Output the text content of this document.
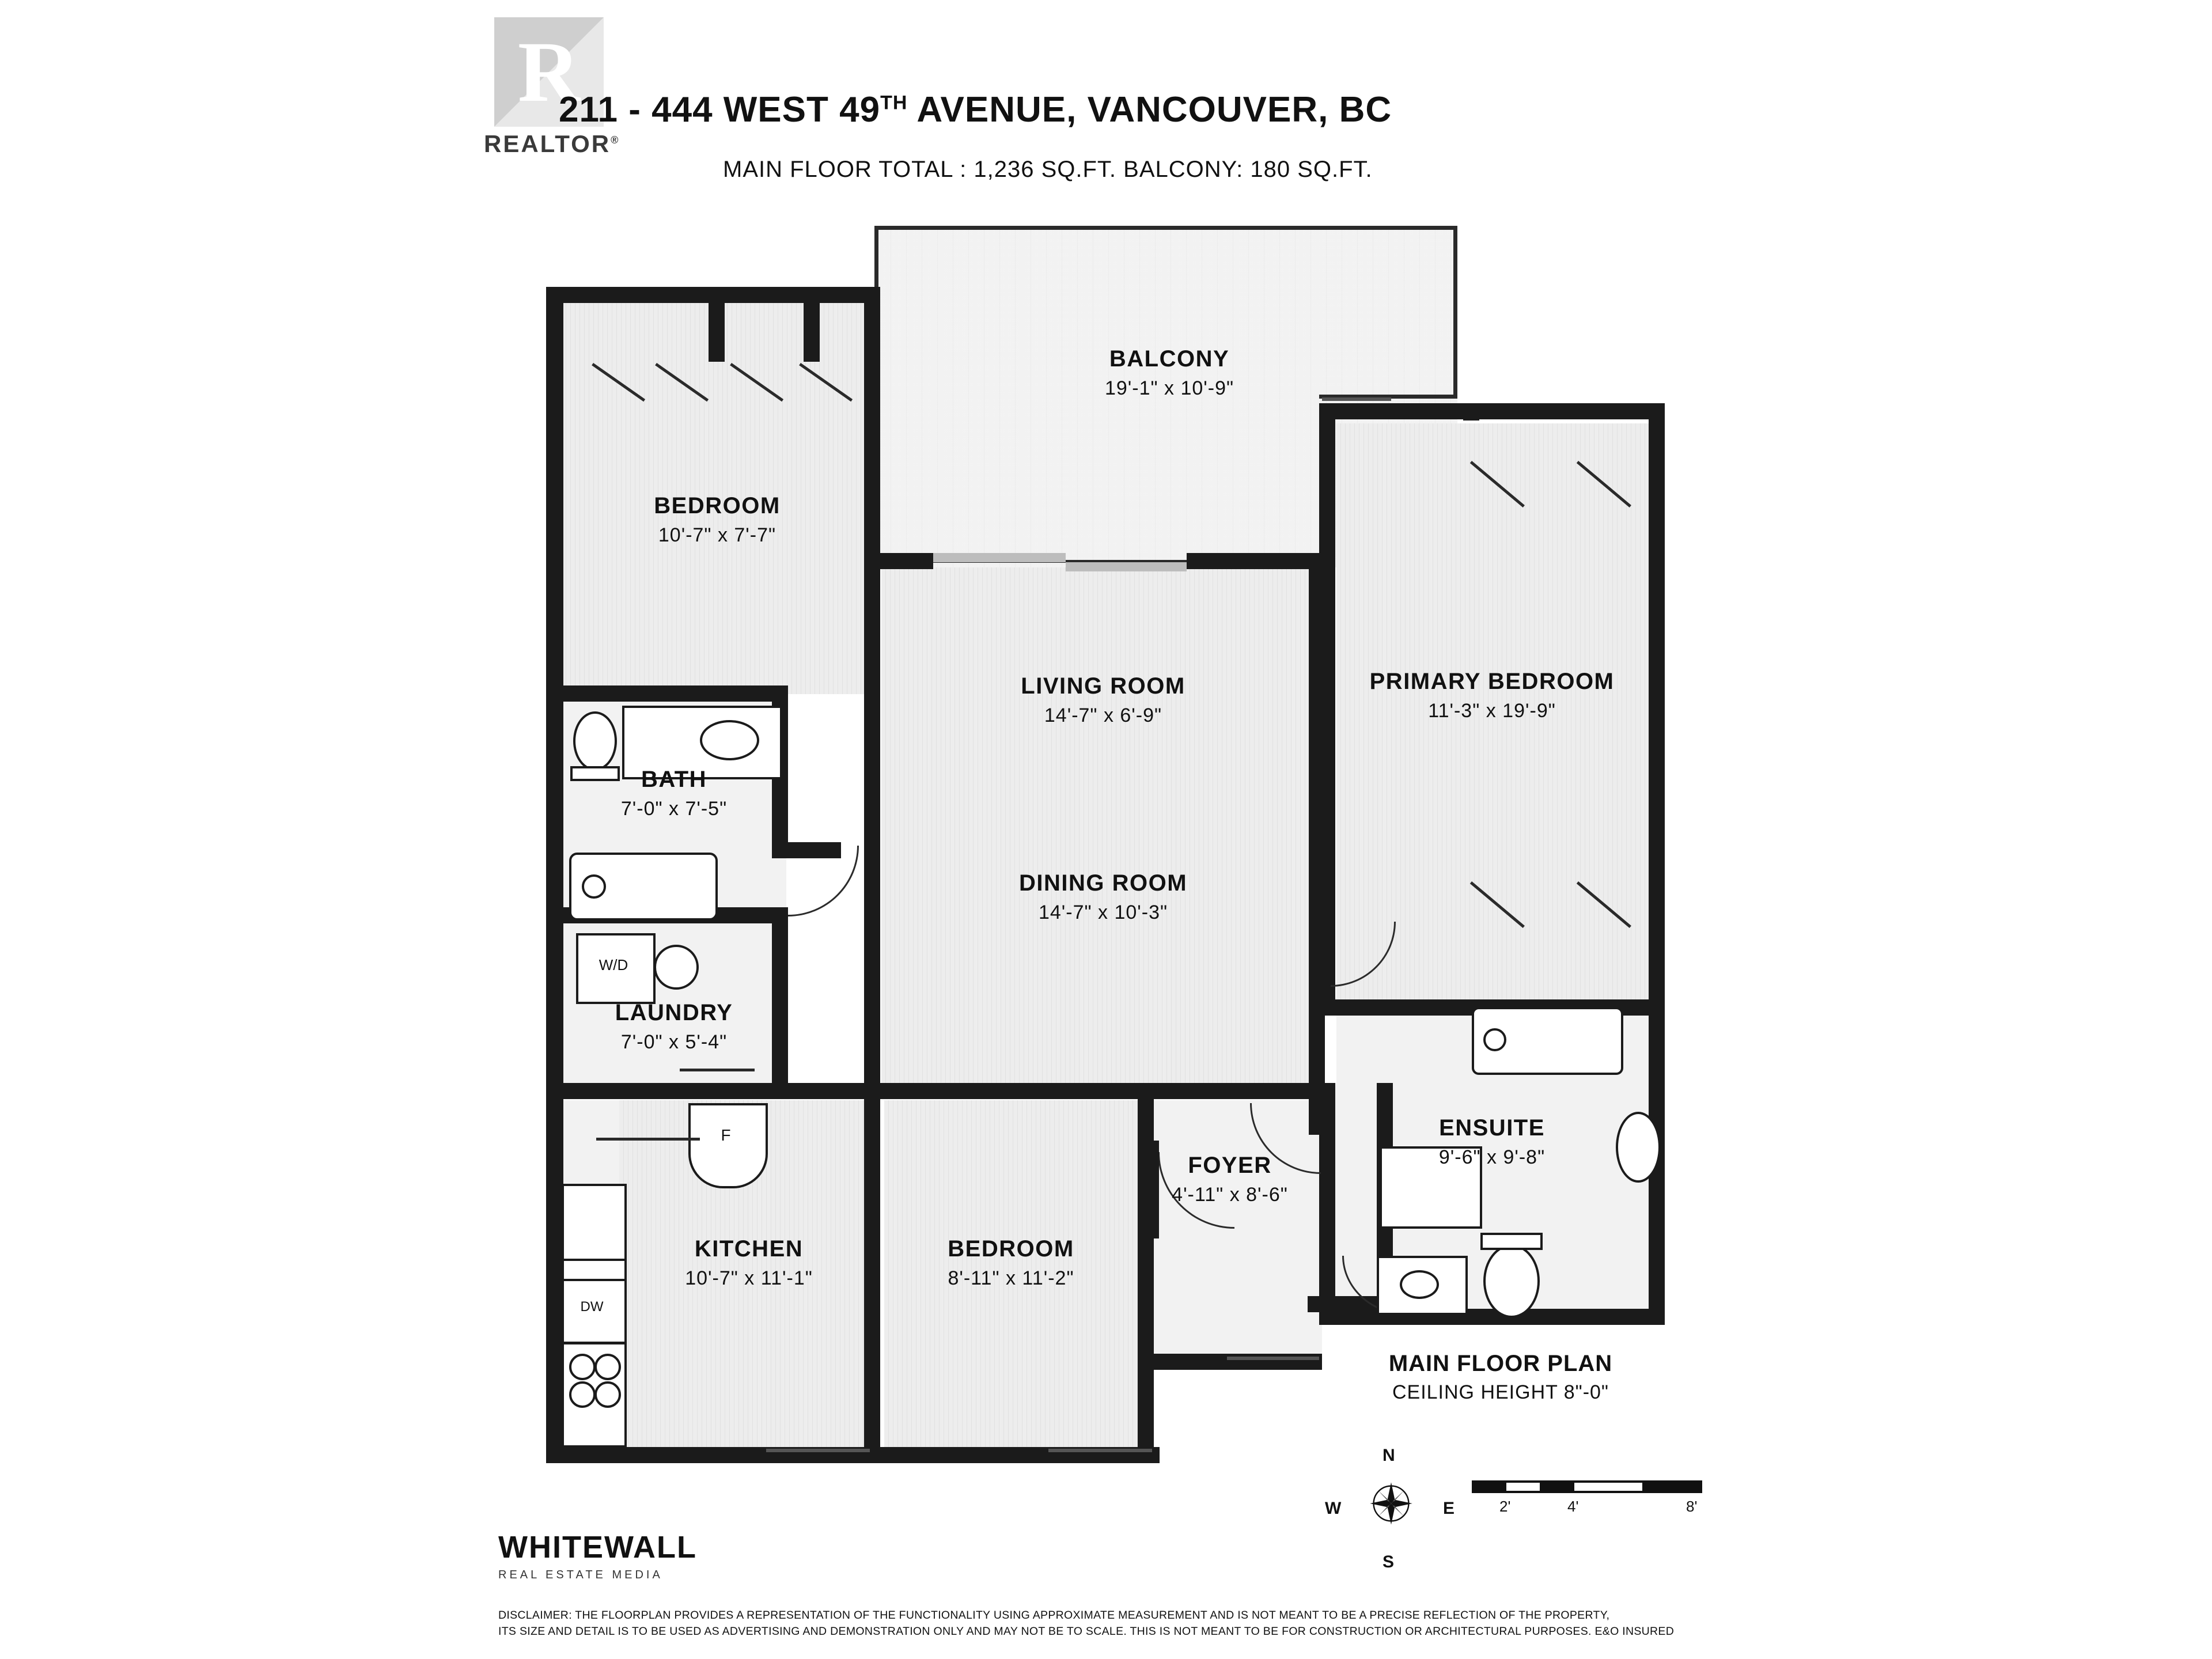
R
REALTOR®
211 - 444 WEST 49TH AVENUE, VANCOUVER, BC
MAIN FLOOR TOTAL : 1,236 SQ.FT. BALCONY: 180 SQ.FT.
W/D
F
DW
BALCONY
19'-1" x 10'-9"
BEDROOM
10'-7" x 7'-7"
PRIMARY BEDROOM
11'-3" x 19'-9"
LIVING ROOM
14'-7" x 6'-9"
BATH
7'-0" x 7'-5"
DINING ROOM
14'-7" x 10'-3"
LAUNDRY
7'-0" x 5'-4"
ENSUITE
9'-6" x 9'-8"
FOYER
4'-11" x 8'-6"
KITCHEN
10'-7" x 11'-1"
BEDROOM
8'-11" x 11'-2"
MAIN FLOOR PLAN
CEILING HEIGHT 8"-0"
N
E
S
W	2'	4'	8'
WHITEWALL
REAL ESTATE MEDIA
DISCLAIMER: THE FLOORPLAN PROVIDES A REPRESENTATION OF THE FUNCTIONALITY USING APPROXIMATE MEASUREMENT AND IS NOT MEANT TO BE A PRECISE REFLECTION OF THE PROPERTY,
ITS SIZE AND DETAIL IS TO BE USED AS ADVERTISING AND DEMONSTRATION ONLY AND MAY NOT BE TO SCALE. THIS IS NOT MEANT TO BE FOR CONSTRUCTION OR ARCHITECTURAL PURPOSES. E&O INSURED
